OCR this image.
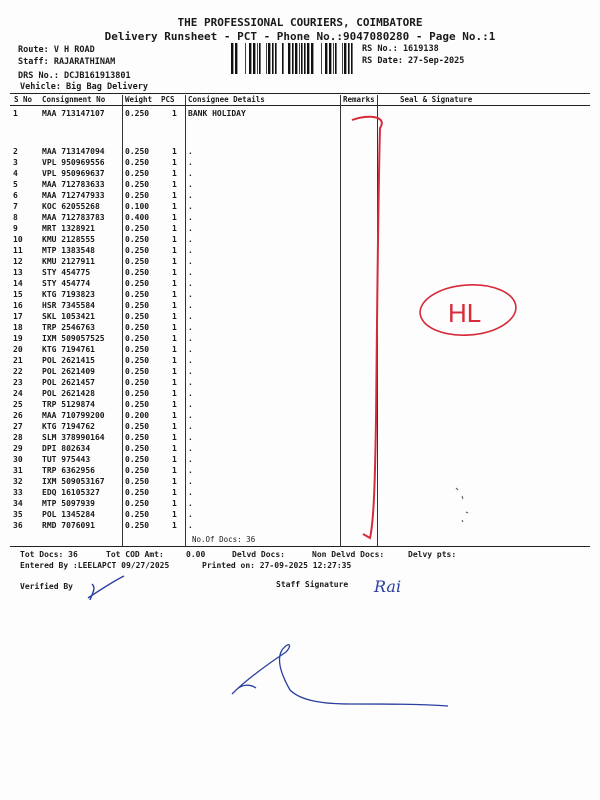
THE PROFESSIONAL COURIERS, COIMBATORE
Delivery Runsheet - PCT - Phone No.:9047080280 - Page No.:1
Route: V H ROAD
Staff: RAJARATHINAM
DRS No.: DCJB161913801
Vehicle: Big Bag Delivery
RS No.: 1619138
RS Date: 27-Sep-2025
S No Consignment No	Weight PCS Consignee Details	Remarks	Seal & Signature
1	MAA 713147107	0.250	1 BANK HOLIDAY
2	MAA 713147094	0.250	1 .
3	VPL 950969556	0.250	1 .
4	VPL 950969637	0.250	1 .
5	MAA 712783633	0.250	1 .
6	MAA 712747933	0.250	1 .
7	KOC 62055268	0.100	1 .
8	MAA 712783783	0.400	1 .
9	MRT 1328921	0.250	1 .
10 KMU 2128555	0.250	1 .
11 MTP 1383548	0.250	1 .
12 KMU 2127911	0.250	1 .
13 STY 454775	0.250	1 .
14 STY 454774	0.250	1 .
15 KTG 7193823	0.250	1 .
16 HSR 7345584	0.250	1 .
17 SKL 1053421	0.250	1 .
18 TRP 2546763	0.250	1 .
19 IXM 509057525	0.250	1 .
20 KTG 7194761	0.250	1 .
21 POL 2621415	0.250	1 .
22 POL 2621409	0.250	1 .
23 POL 2621457	0.250	1 .
24 POL 2621428	0.250	1 .
25 TRP 5129874	0.250	1 .
26 MAA 710799200	0.200	1 .
27 KTG 7194762	0.250	1 .
28 SLM 378990164	0.250	1 .
29 DPI 802634	0.250	1 .
30 TUT 975443	0.250	1 .
31 TRP 6362956	0.250	1 .
32 IXM 509053167	0.250	1 .
33 EDQ 16105327	0.250	1 .
34 MTP 5097939	0.250	1 .
35 POL 1345284	0.250	1 .
36 RMD 7076091	0.250	1 .
No.Of Docs: 36
Tot Docs: 36	Tot COD Amt:	0.00	Delvd Docs:	Non Delvd Docs:	Delvy pts:
Entered By :LEELAPCT 09/27/2025	Printed on: 27-09-2025 12:27:35
Verified By	Staff Signature
HL
Rai
